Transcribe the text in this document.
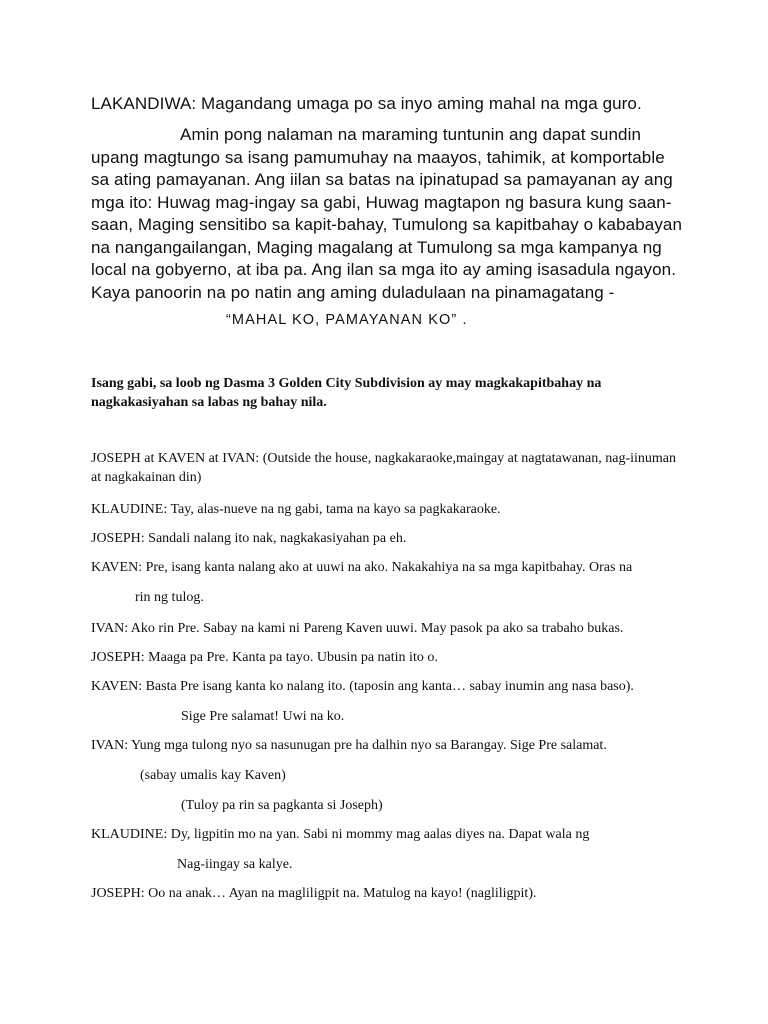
LAKANDIWA: Magandang umaga po sa inyo aming mahal na mga guro.

Amin pong nalaman na maraming tuntunin ang dapat sundin upang magtungo sa isang pamumuhay na maayos, tahimik, at komportable sa ating pamayanan. Ang iilan sa batas na ipinatupad sa pamayanan ay ang mga ito: Huwag mag-ingay sa gabi, Huwag magtapon ng basura kung saan-saan, Maging sensitibo sa kapit-bahay, Tumulong sa kapitbahay o kababayan na nangangailangan, Maging magalang at Tumulong sa mga kampanya ng local na gobyerno, at iba pa. Ang ilan sa mga ito ay aming isasadula ngayon. Kaya panoorin na po natin ang aming duladulaan na pinamagatang -

“MAHAL KO, PAMAYANAN KO” .

Isang gabi, sa loob ng Dasma 3 Golden City Subdivision ay may magkakapitbahay na nagkakasiyahan sa labas ng bahay nila.

JOSEPH at KAVEN at IVAN: (Outside the house, nagkakaraoke,maingay at nagtatawanan, nag-iinuman at nagkakainan din)

KLAUDINE: Tay, alas-nueve na ng gabi, tama na kayo sa pagkakaraoke.

JOSEPH: Sandali nalang ito nak, nagkakasiyahan pa eh.

KAVEN: Pre, isang kanta nalang ako at uuwi na ako. Nakakahiya na sa mga kapitbahay. Oras na

rin ng tulog.

IVAN: Ako rin Pre. Sabay na kami ni Pareng Kaven uuwi. May pasok pa ako sa trabaho bukas.

JOSEPH: Maaga pa Pre. Kanta pa tayo. Ubusin pa natin ito o.

KAVEN: Basta Pre isang kanta ko nalang ito. (taposin ang kanta… sabay inumin ang nasa baso).

Sige Pre salamat! Uwi na ko.

IVAN: Yung mga tulong nyo sa nasunugan pre ha dalhin nyo sa Barangay. Sige Pre salamat.

(sabay umalis kay Kaven)

(Tuloy pa rin sa pagkanta si Joseph)

KLAUDINE: Dy, ligpitin mo na yan. Sabi ni mommy mag aalas diyes na. Dapat wala ng

Nag-iingay sa kalye.

JOSEPH: Oo na anak… Ayan na magliligpit na. Matulog na kayo! (nagliligpit).
